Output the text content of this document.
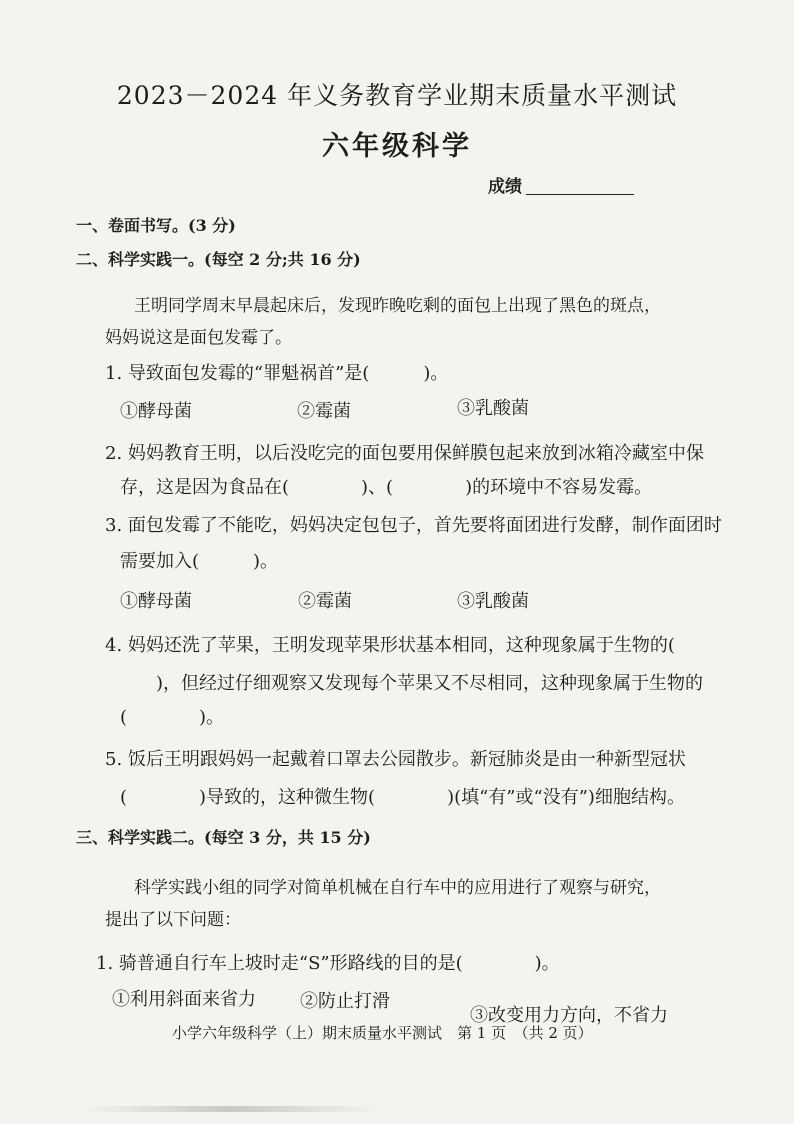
2023－2024 年义务教育学业期末质量水平测试
六年级科学
成绩
一、卷面书写。(3 分)
二、科学实践一。(每空 2 分;共 16 分)
王明同学周末早晨起床后，发现昨晚吃剩的面包上出现了黑色的斑点，
妈妈说这是面包发霉了。
1. 导致面包发霉的“罪魁祸首”是(　　　)。
①酵母菌	②霉菌	③乳酸菌
2. 妈妈教育王明，以后没吃完的面包要用保鲜膜包起来放到冰箱冷藏室中保
存，这是因为食品在(　　　　)、(　　　　)的环境中不容易发霉。
3. 面包发霉了不能吃，妈妈决定包包子，首先要将面团进行发酵，制作面团时
需要加入(　　　)。
①酵母菌	②霉菌	③乳酸菌
4. 妈妈还洗了苹果，王明发现苹果形状基本相同，这种现象属于生物的(
　　)，但经过仔细观察又发现每个苹果又不尽相同，这种现象属于生物的
(　　　　)。
5. 饭后王明跟妈妈一起戴着口罩去公园散步。新冠肺炎是由一种新型冠状
(　　　　)导致的，这种微生物(　　　　)(填“有”或“没有”)细胞结构。
三、科学实践二。(每空 3 分，共 15 分)
科学实践小组的同学对简单机械在自行车中的应用进行了观察与研究，
提出了以下问题：
1. 骑普通自行车上坡时走“S”形路线的目的是(　　　　)。
①利用斜面来省力 ②防止打滑
③改变用力方向，不省力
小学六年级科学（上）期末质量水平测试　第 1 页　（共 2 页）
